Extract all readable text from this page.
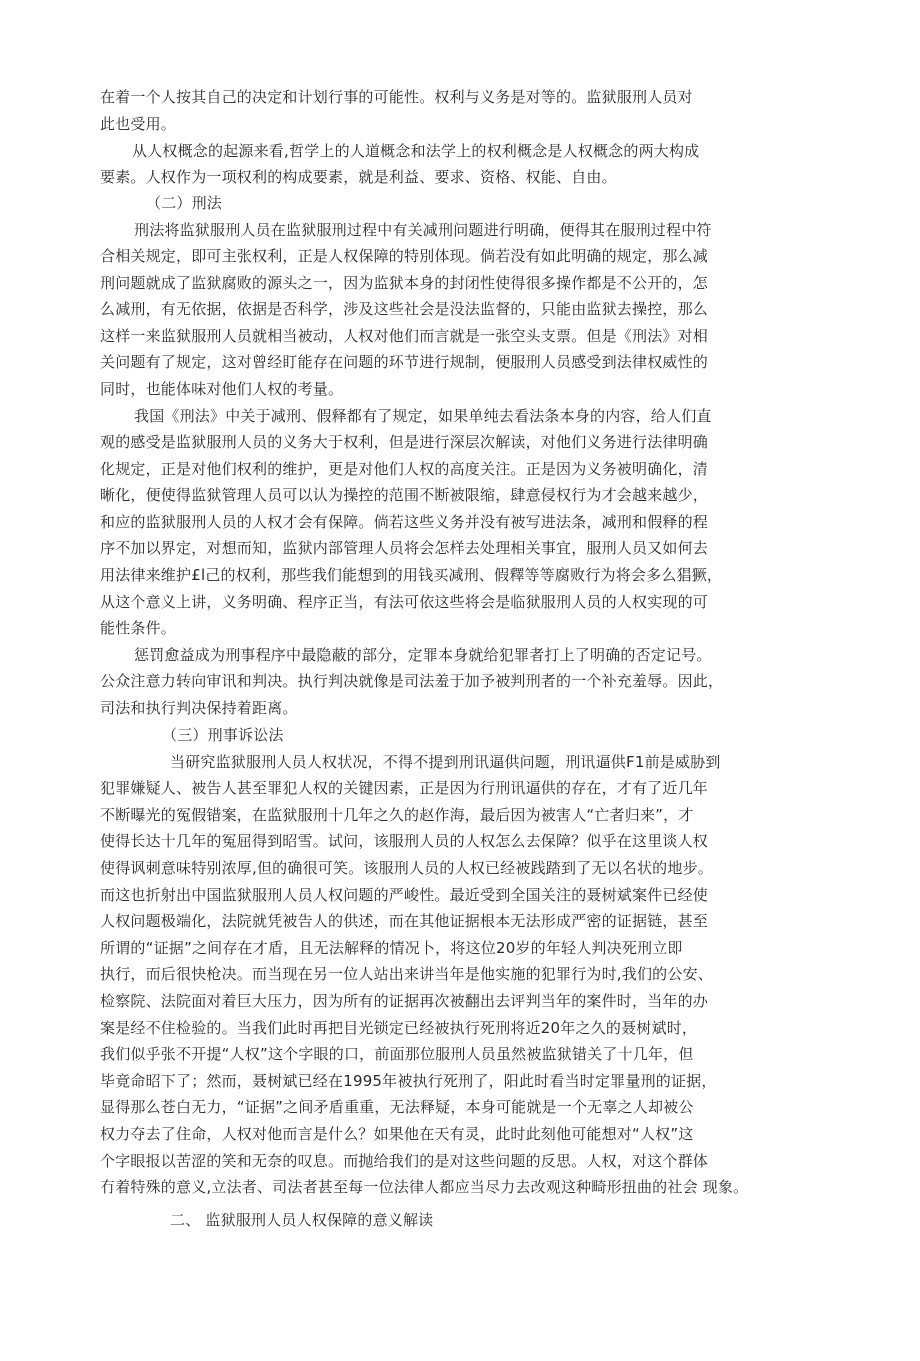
在着一个人按其自己的决定和计划行事的可能性。权利与义务是对等的。监狱服刑人员对
此也受用。
从人权概念的起源来看,哲学上的人道概念和法学上的权利概念是人权概念的两大构成
要素。人权作为一项权利的构成要素，就是利益、要求、资格、权能、自由。
（二）刑法
刑法将监狱服刑人员在监狱服刑过程中有关减刑问题进行明确，便得其在服刑过程中符
合相关规定，即可主张权利，正是人权保障的特別体现。倘若没有如此明确的规定，那么减
刑问题就成了监狱腐败的源头之一，因为监狱本身的封闭性使得很多操作都是不公开的，怎
么减刑，有无依据，依据是否科学，涉及这些社会是没法监督的，只能由监狱去操控，那么
这样一来监狱服刑人员就相当被动，人权对他们而言就是一张空头支票。但是《刑法》对相
关问题有了规定，这对曾经盯能存在问题的环节进行规制，便服刑人员感受到法律权威性的
同时，也能体味对他们人权的考量。
我国《刑法》中关于减刑、假释都有了规定，如果单纯去看法条本身的内容，给人们直
观的感受是监狱服刑人员的义务大于权利，但是进行深层次解读，对他们义务进行法律明确
化规定，正是对他们权利的维护，更是对他们人权的高度关注。正是因为义务被明确化，清
晰化，便使得监狱管理人员可以认为操控的范围不断被限缩，肆意侵权行为才会越来越少，
和应的监狱服刑人员的人权才会有保障。倘若这些义务并没有被写进法条，减刑和假释的程
序不加以界定，对想而知，监狱内部管理人员将会怎样去处理相关事宜，服刑人员又如何去
用法律来维护£l己的权利，那些我们能想到的用钱买减刑、假釋等等腐败行为将会多么猖獗，
从这个意义上讲，义务明确、程序正当，有法可依这些将会是临狱服刑人员的人权实现的可
能性条件。
惩罚愈益成为刑事程序中最隐蔽的部分，定罪本身就给犯罪者打上了明确的否定记号。
公众注意力转向审讯和判决。执行判决就像是司法羞于加予被判刑者的一个补充羞辱。因此，
司法和执行判决保持着距离。
（三）刑事诉讼法
当研究监狱服刑人员人权状况，不得不提到刑讯逼供问题，刑讯逼供F1前是威胁到
犯罪嫌疑人、被告人甚至罪犯人权的关键因素，正是因为行刑讯逼供的存在，才有了近几年
不断曝光的冤假错案，在监狱服刑十几年之久的赵作海，最后因为被害人“亡者归来”，才
使得长达十几年的冤屈得到昭雪。试问，该服刑人员的人权怎么去保障？似乎在这里谈人权
使得讽刺意味特别浓厚,但的确很可笑。该服刑人员的人权已经被践踏到了无以名状的地步。
而这也折射出中国监狱服刑人员人权问题的严峻性。最近受到全国关注的聂树斌案件已经使
人权问题极端化，法院就凭被告人的供述，而在其他证据根本无法形成严密的证据链，甚至
所谓的“证据”之间存在才盾，且无法解释的情况卜，将这位20岁的年轻人判决死刑立即
执行，而后很快枪决。而当现在另一位人站出来讲当年是他实施的犯罪行为时,我们的公安、
检察院、法院面对着巨大压力，因为所有的证据再次被翻出去评判当年的案件时，当年的办
案是经不住检验的。当我们此时再把目光锁定已经被执行死刑将近20年之久的聂树斌时，
我们似乎张不开提“人权”这个字眼的口，前面那位服刑人员虽然被监狱错关了十几年，但
毕竟命昭下了；然而，聂树斌已经在1995年被执行死刑了，阳此时看当时定罪量刑的证据，
显得那么苍白无力，“证据”之间矛盾重重，无法释疑，本身可能就是一个无辜之人却被公
权力夺去了住命，人权对他而言是什么？如果他在天有灵，此时此刻他可能想对“人权”这
个字眼报以苦涩的笑和无奈的叹息。而抛给我们的是对这些问题的反思。人权，对这个群体
冇着特殊的意义,立法者、司法者甚至每一位法律人都应当尽力去改观这种畸形扭曲的社会 现象。
二、 监狱服刑人员人权保障的意义解读
